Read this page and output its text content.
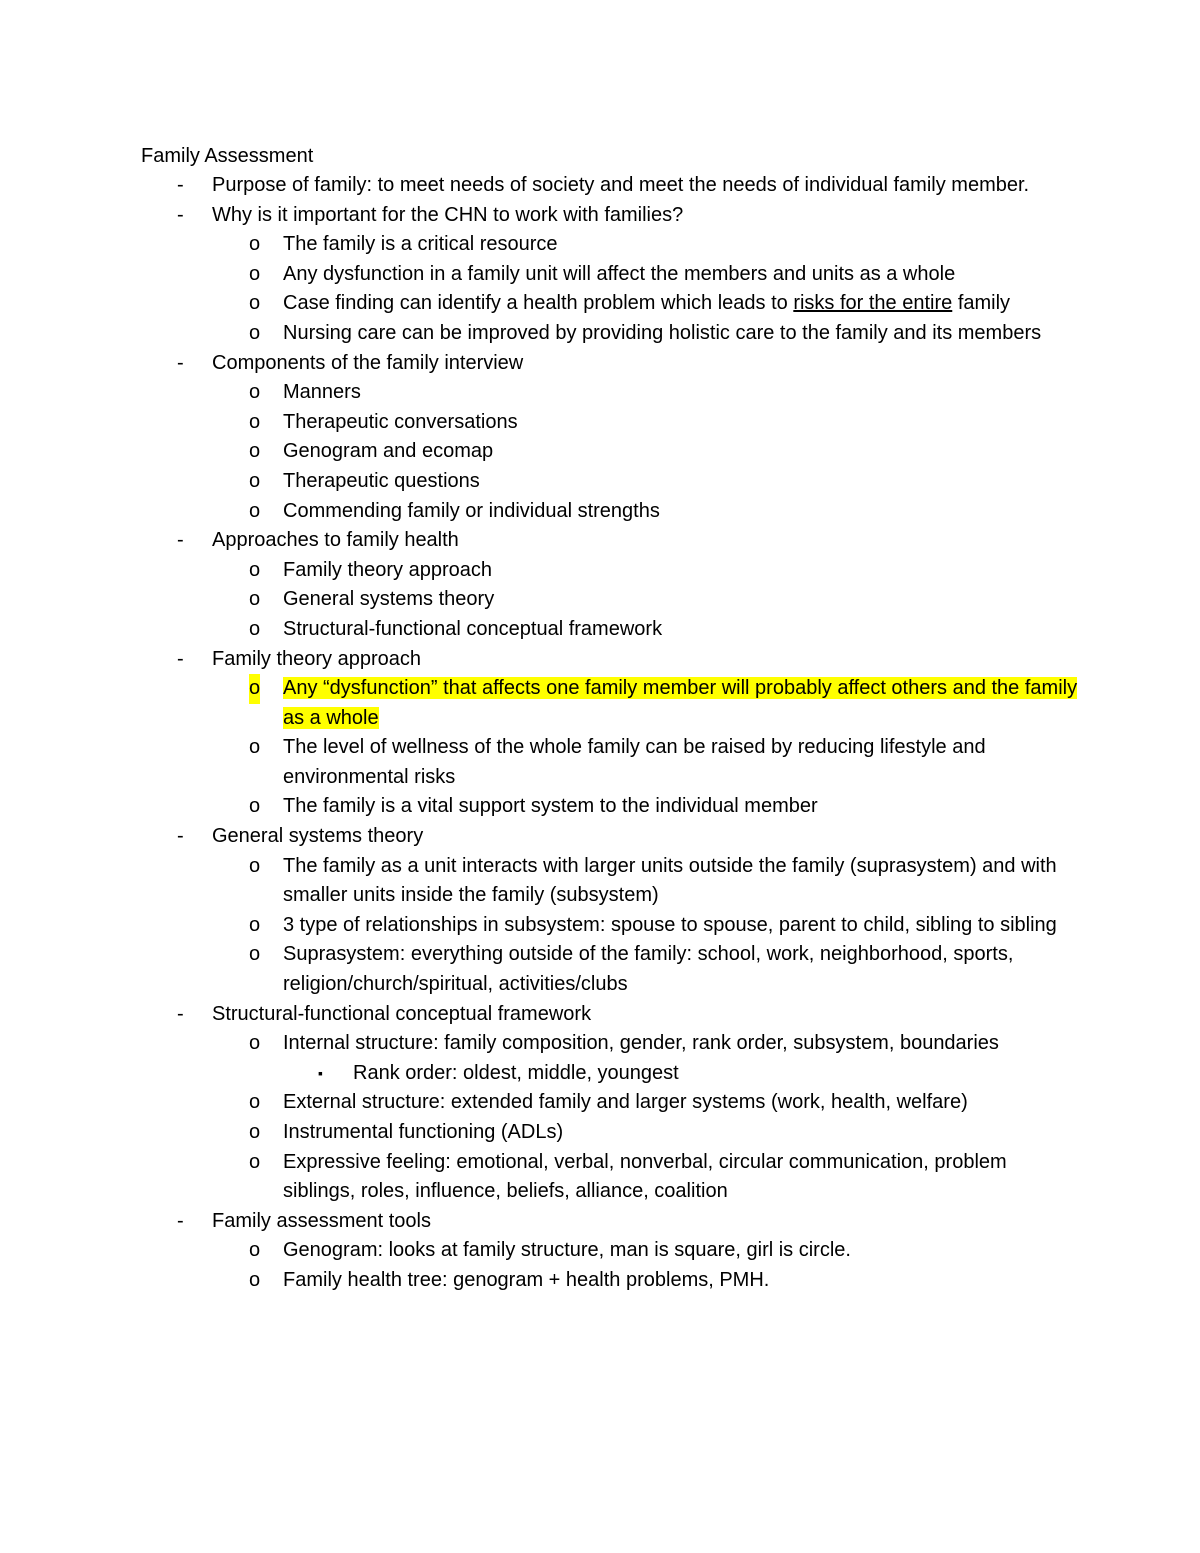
Family Assessment
- Purpose of family: to meet needs of society and meet the needs of individual family member.
- Why is it important for the CHN to work with families?
o The family is a critical resource
o Any dysfunction in a family unit will affect the members and units as a whole
o Case finding can identify a health problem which leads to risks for the entire family
o Nursing care can be improved by providing holistic care to the family and its members
- Components of the family interview
o Manners
o Therapeutic conversations
o Genogram and ecomap
o Therapeutic questions
o Commending family or individual strengths
- Approaches to family health
o Family theory approach
o General systems theory
o Structural-functional conceptual framework
- Family theory approach
o Any “dysfunction” that affects one family member will probably affect others and the family as a whole
o The level of wellness of the whole family can be raised by reducing lifestyle and environmental risks
o The family is a vital support system to the individual member
- General systems theory
o The family as a unit interacts with larger units outside the family (suprasystem) and with smaller units inside the family (subsystem)
o 3 type of relationships in subsystem: spouse to spouse, parent to child, sibling to sibling
o Suprasystem: everything outside of the family: school, work, neighborhood, sports, religion/church/spiritual, activities/clubs
- Structural-functional conceptual framework
o Internal structure: family composition, gender, rank order, subsystem, boundaries
▪ Rank order: oldest, middle, youngest
o External structure: extended family and larger systems (work, health, welfare)
o Instrumental functioning (ADLs)
o Expressive feeling: emotional, verbal, nonverbal, circular communication, problem siblings, roles, influence, beliefs, alliance, coalition
- Family assessment tools
o Genogram: looks at family structure, man is square, girl is circle.
o Family health tree: genogram + health problems, PMH.
